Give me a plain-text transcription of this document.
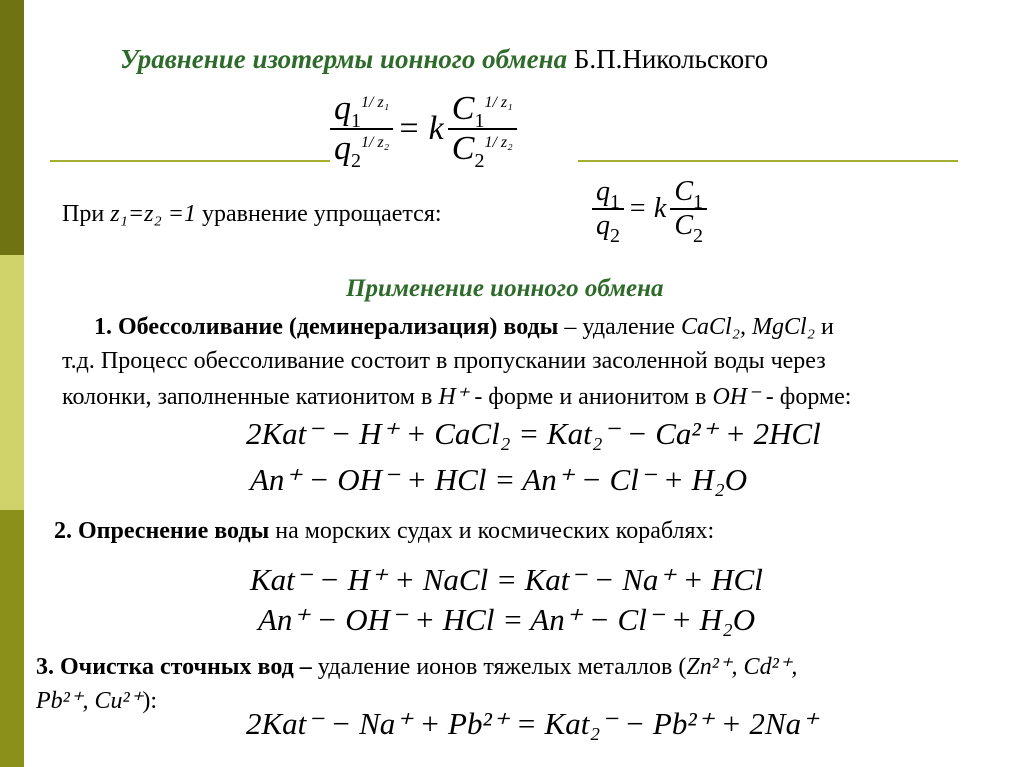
Уравнение изотермы ионного обмена Б.П.Никольского
$\frac{q_1^{1/ z_1}}{q_2^{1/ z_2}} = k \frac{C_1^{1/ z_1}}{C_2^{1/ z_2}}$
При z₁=z₂ =1 уравнение упрощается:	$\frac{q_1}{q_2} = k \frac{C_1}{C_2}$
Применение ионного обмена
1. Обессоливание (деминерализация) воды – удаление CaCl₂, MgCl₂ и
т.д. Процесс обессоливание состоит в пропускании засоленной воды через
колонки, заполненные катионитом в H⁺ - форме и анионитом в OH⁻ - форме:
2Kat⁻ − H⁺ + CaCl₂ = Kat₂⁻ − Ca²⁺ + 2HCl
An⁺ − OH⁻ + HCl = An⁺ − Cl⁻ + H₂O
2. Опреснение воды на морских судах и космических кораблях:
Kat⁻ − H⁺ + NaCl = Kat⁻ − Na⁺ + HCl
An⁺ − OH⁻ + HCl = An⁺ − Cl⁻ + H₂O
3. Очистка сточных вод – удаление ионов тяжелых металлов (Zn²⁺, Cd²⁺,
Pb²⁺, Cu²⁺):
2Kat⁻ − Na⁺ + Pb²⁺ = Kat₂⁻ − Pb²⁺ + 2Na⁺
